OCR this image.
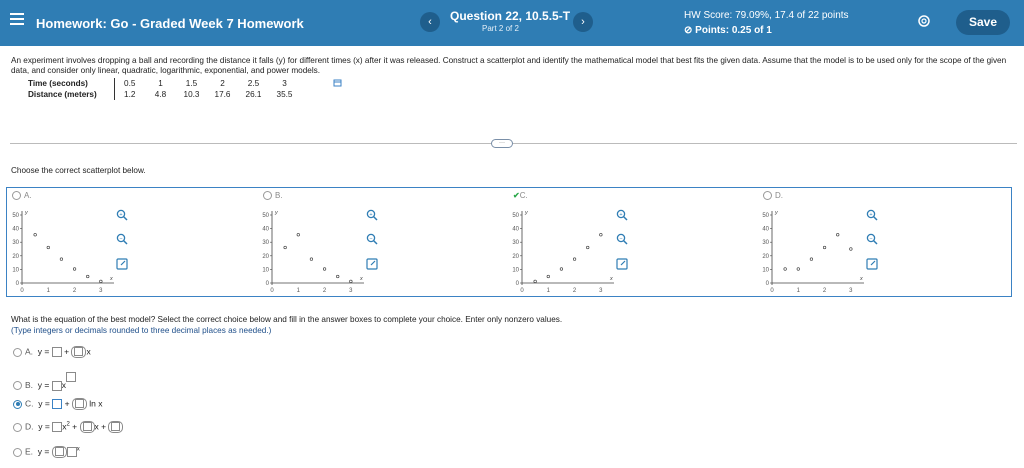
Homework: Go - Graded Week 7 Homework	‹	Question 22, 10.5.5-T
Part 2 of 2
›
HW Score: 79.09%, 17.4 of 22 points
⊘ Points: 0.25 of 1
Save
An experiment involves dropping a ball and recording the distance it falls (y) for different times (x) after it was released. Construct a scatterplot and identify the mathematical model that best fits the given data. Assume that the model is to be used only for the scope of the given data, and consider only linear, quadratic, logarithmic, exponential, and power models.
Time (seconds)	0.5	1	1.5	2	2.5	3
Distance (meters)	1.2	4.8	10.3	17.6	26.1	35.5
···
Choose the correct scatterplot below.
A.	B.	✔C.	D.
0
10
20
30
40
50
0	1	2	3
x
y
0
10
20
30
40
50
0	1	2	3
x
y
0
10
20
30
40
50
0	1	2	3
x
y
0
10
20
30
40
50
0	1	2	3
x
y
+
−
+
−
+
−
+
−
What is the equation of the best model? Select the correct choice below and fill in the answer boxes to complete your choice. Enter only nonzero values.
(Type integers or decimals rounded to three decimal places as needed.)
A. y = + x
B. y = x
C. y = + ln x
D. $y = x^2 + x$ +
E. y =	$^x$
